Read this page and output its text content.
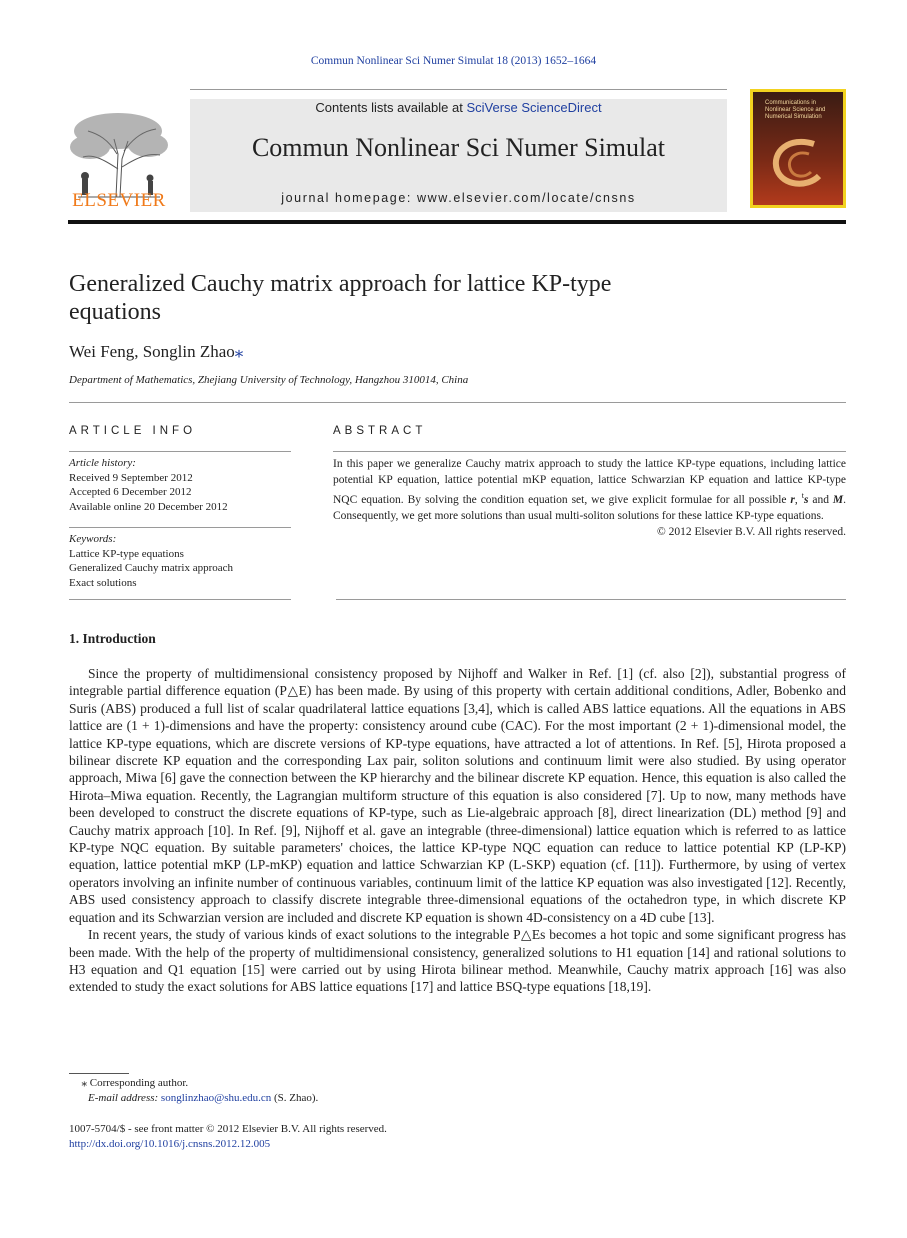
Commun Nonlinear Sci Numer Simulat 18 (2013) 1652–1664
ELSEVIER
Contents lists available at SciVerse ScienceDirect
Commun Nonlinear Sci Numer Simulat
journal homepage: www.elsevier.com/locate/cnsns
Communications in Nonlinear Science and Numerical Simulation
Generalized Cauchy matrix approach for lattice KP-type equations
Wei Feng, Songlin Zhao⁎
Department of Mathematics, Zhejiang University of Technology, Hangzhou 310014, China
ARTICLE INFO
Article history:
Received 9 September 2012
Accepted 6 December 2012
Available online 20 December 2012
Keywords:
Lattice KP-type equations
Generalized Cauchy matrix approach
Exact solutions
ABSTRACT
In this paper we generalize Cauchy matrix approach to study the lattice KP-type equations, including lattice potential KP equation, lattice potential mKP equation, lattice Schwarzian KP equation and lattice KP-type NQC equation. By solving the condition equation set, we give explicit formulae for all possible r, $^t$s and M. Consequently, we get more solutions than usual multi-soliton solutions for these lattice KP-type equations.
© 2012 Elsevier B.V. All rights reserved.
1. Introduction

Since the property of multidimensional consistency proposed by Nijhoff and Walker in Ref. [1] (cf. also [2]), substantial progress of integrable partial difference equation (P△E) has been made. By using of this property with certain additional conditions, Adler, Bobenko and Suris (ABS) produced a full list of scalar quadrilateral lattice equations [3,4], which is called ABS lattice equations. All the equations in ABS lattice are (1 + 1)-dimensions and have the property: consistency around cube (CAC). For the most important (2 + 1)-dimensional model, the lattice KP-type equations, which are discrete versions of KP-type equations, have attracted a lot of attentions. In Ref. [5], Hirota proposed a bilinear discrete KP equation and the corresponding Lax pair, soliton solutions and continuum limit were also studied. By using operator approach, Miwa [6] gave the connection between the KP hierarchy and the bilinear discrete KP equation. Hence, this equation is also called the Hirota–Miwa equation. Recently, the Lagrangian multiform structure of this equation is also considered [7]. Up to now, many methods have been developed to construct the discrete equations of KP-type, such as Lie-algebraic approach [8], direct linearization (DL) method [9] and Cauchy matrix approach [10]. In Ref. [9], Nijhoff et al. gave an integrable (three-dimensional) lattice equation which is referred to as lattice KP-type NQC equation. By suitable parameters' choices, the lattice KP-type NQC equation can reduce to lattice potential KP (LP-KP) equation, lattice potential mKP (LP-mKP) equation and lattice Schwarzian KP (L-SKP) equation (cf. [11]). Furthermore, by using of vertex operators involving an infinite number of continuous variables, continuum limit of the lattice KP equation was also investigated [12]. Recently, ABS used consistency approach to classify discrete integrable three-dimensional equations of the octahedron type, in which discrete KP equation and its Schwarzian version are included and discrete KP equation is shown 4D-consistency on a 4D cube [13].

In recent years, the study of various kinds of exact solutions to the integrable P△Es becomes a hot topic and some significant progress has been made. With the help of the property of multidimensional consistency, generalized solutions to H1 equation [14] and rational solutions to H3 equation and Q1 equation [15] were carried out by using Hirota bilinear method. Meanwhile, Cauchy matrix approach [16] was also extended to study the exact solutions for ABS lattice equations [17] and lattice BSQ-type equations [18,19].

⁎ Corresponding author.
E-mail address: songlinzhao@shu.edu.cn (S. Zhao).
1007-5704/$ - see front matter © 2012 Elsevier B.V. All rights reserved.
http://dx.doi.org/10.1016/j.cnsns.2012.12.005
